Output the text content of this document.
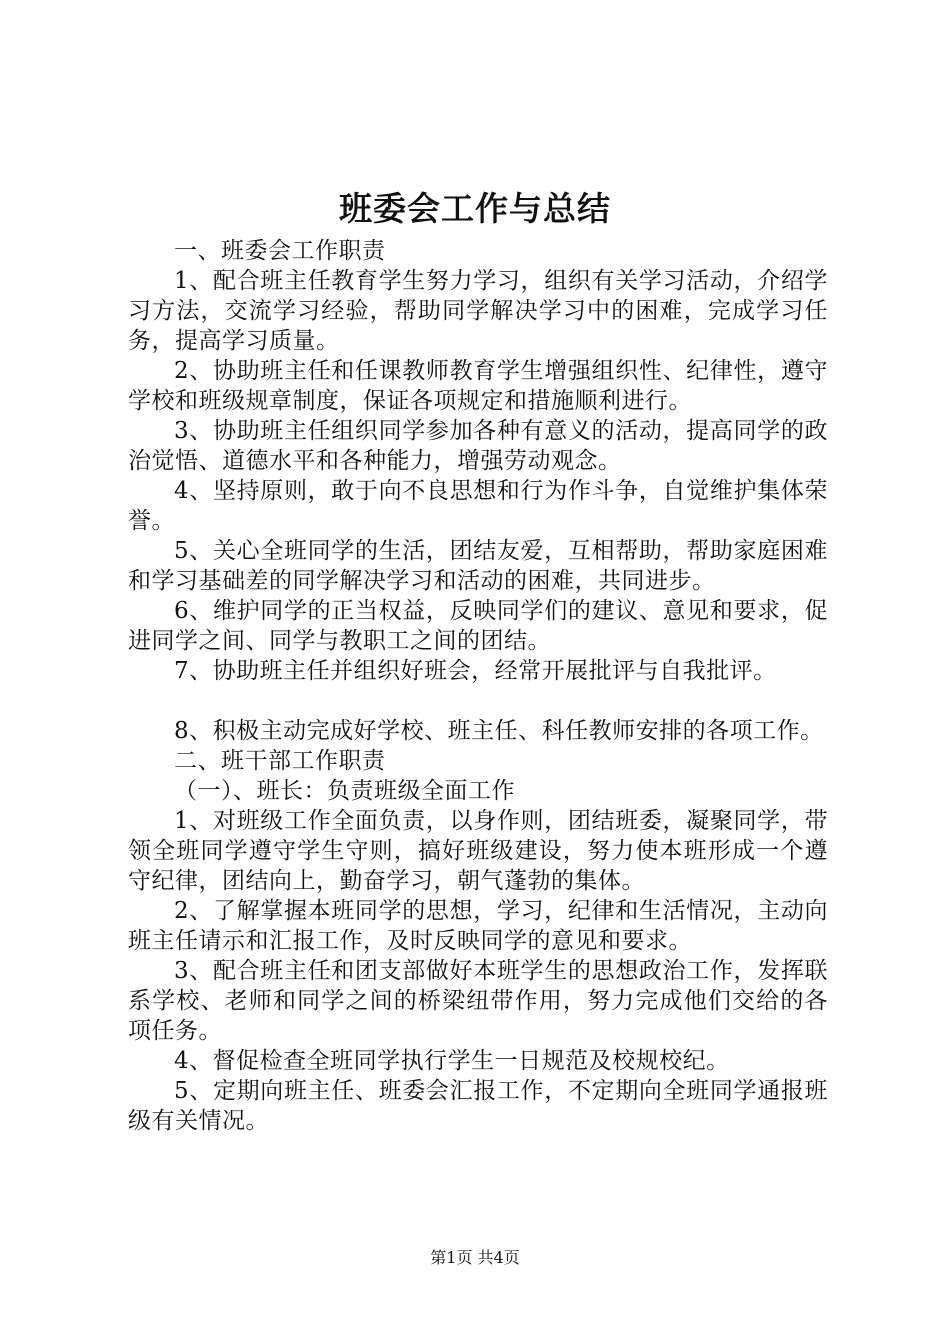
班委会工作与总结

一、班委会工作职责

1、配合班主任教育学生努力学习，组织有关学习活动，介绍学习方法，交流学习经验，帮助同学解决学习中的困难，完成学习任务，提高学习质量。

2、协助班主任和任课教师教育学生增强组织性、纪律性，遵守学校和班级规章制度，保证各项规定和措施顺利进行。

3、协助班主任组织同学参加各种有意义的活动，提高同学的政治觉悟、道德水平和各种能力，增强劳动观念。

4、坚持原则，敢于向不良思想和行为作斗争，自觉维护集体荣誉。

5、关心全班同学的生活，团结友爱，互相帮助，帮助家庭困难和学习基础差的同学解决学习和活动的困难，共同进步。

6、维护同学的正当权益，反映同学们的建议、意见和要求，促进同学之间、同学与教职工之间的团结。

7、协助班主任并组织好班会，经常开展批评与自我批评。

8、积极主动完成好学校、班主任、科任教师安排的各项工作。

二、班干部工作职责

（一）、班长：负责班级全面工作

1、对班级工作全面负责，以身作则，团结班委，凝聚同学，带领全班同学遵守学生守则，搞好班级建设，努力使本班形成一个遵守纪律，团结向上，勤奋学习，朝气蓬勃的集体。

2、了解掌握本班同学的思想，学习，纪律和生活情况，主动向班主任请示和汇报工作，及时反映同学的意见和要求。

3、配合班主任和团支部做好本班学生的思想政治工作，发挥联系学校、老师和同学之间的桥梁纽带作用，努力完成他们交给的各项任务。

4、督促检查全班同学执行学生一日规范及校规校纪。

5、定期向班主任、班委会汇报工作，不定期向全班同学通报班级有关情况。

第1页 共4页
